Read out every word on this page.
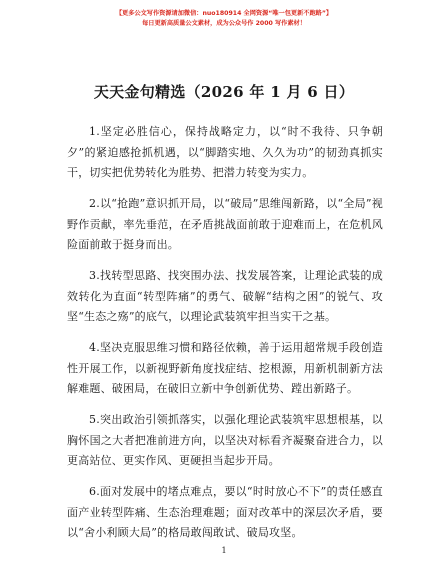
【更多公文写作资源请加微信：nuo180914 全网资源“唯一包更新不跑路”】
每日更新高质量公文素材，成为公众号作 2000 写作素材！
天天金句精选（2026 年 1 月 6 日）

1.坚定必胜信心，保持战略定力，以“时不我待、只争朝夕”的紧迫感抢抓机遇，以“脚踏实地、久久为功”的韧劲真抓实干，切实把优势转化为胜势、把潜力转变为实力。

2.以“抢跑”意识抓开局，以“破局”思维闯新路，以“全局”视野作贡献，率先垂范，在矛盾挑战面前敢于迎难而上，在危机风险面前敢于挺身而出。

3.找转型思路、找突围办法、找发展答案，让理论武装的成效转化为直面“转型阵痛”的勇气、破解“结构之困”的锐气、攻坚“生态之殇”的底气，以理论武装筑牢担当实干之基。

4.坚决克服思维习惯和路径依赖，善于运用超常规手段创造性开展工作，以新视野新角度找症结、挖根源，用新机制新方法解难题、破困局，在破旧立新中争创新优势、蹚出新路子。

5.突出政治引领抓落实，以强化理论武装筑牢思想根基，以胸怀国之大者把准前进方向，以坚决对标看齐凝聚奋进合力，以更高站位、更实作风、更硬担当起步开局。

6.面对发展中的堵点难点，要以“时时放心不下”的责任感直面产业转型阵痛、生态治理难题；面对改革中的深层次矛盾，要以“舍小利顾大局”的格局敢闯敢试、破局攻坚。

1
